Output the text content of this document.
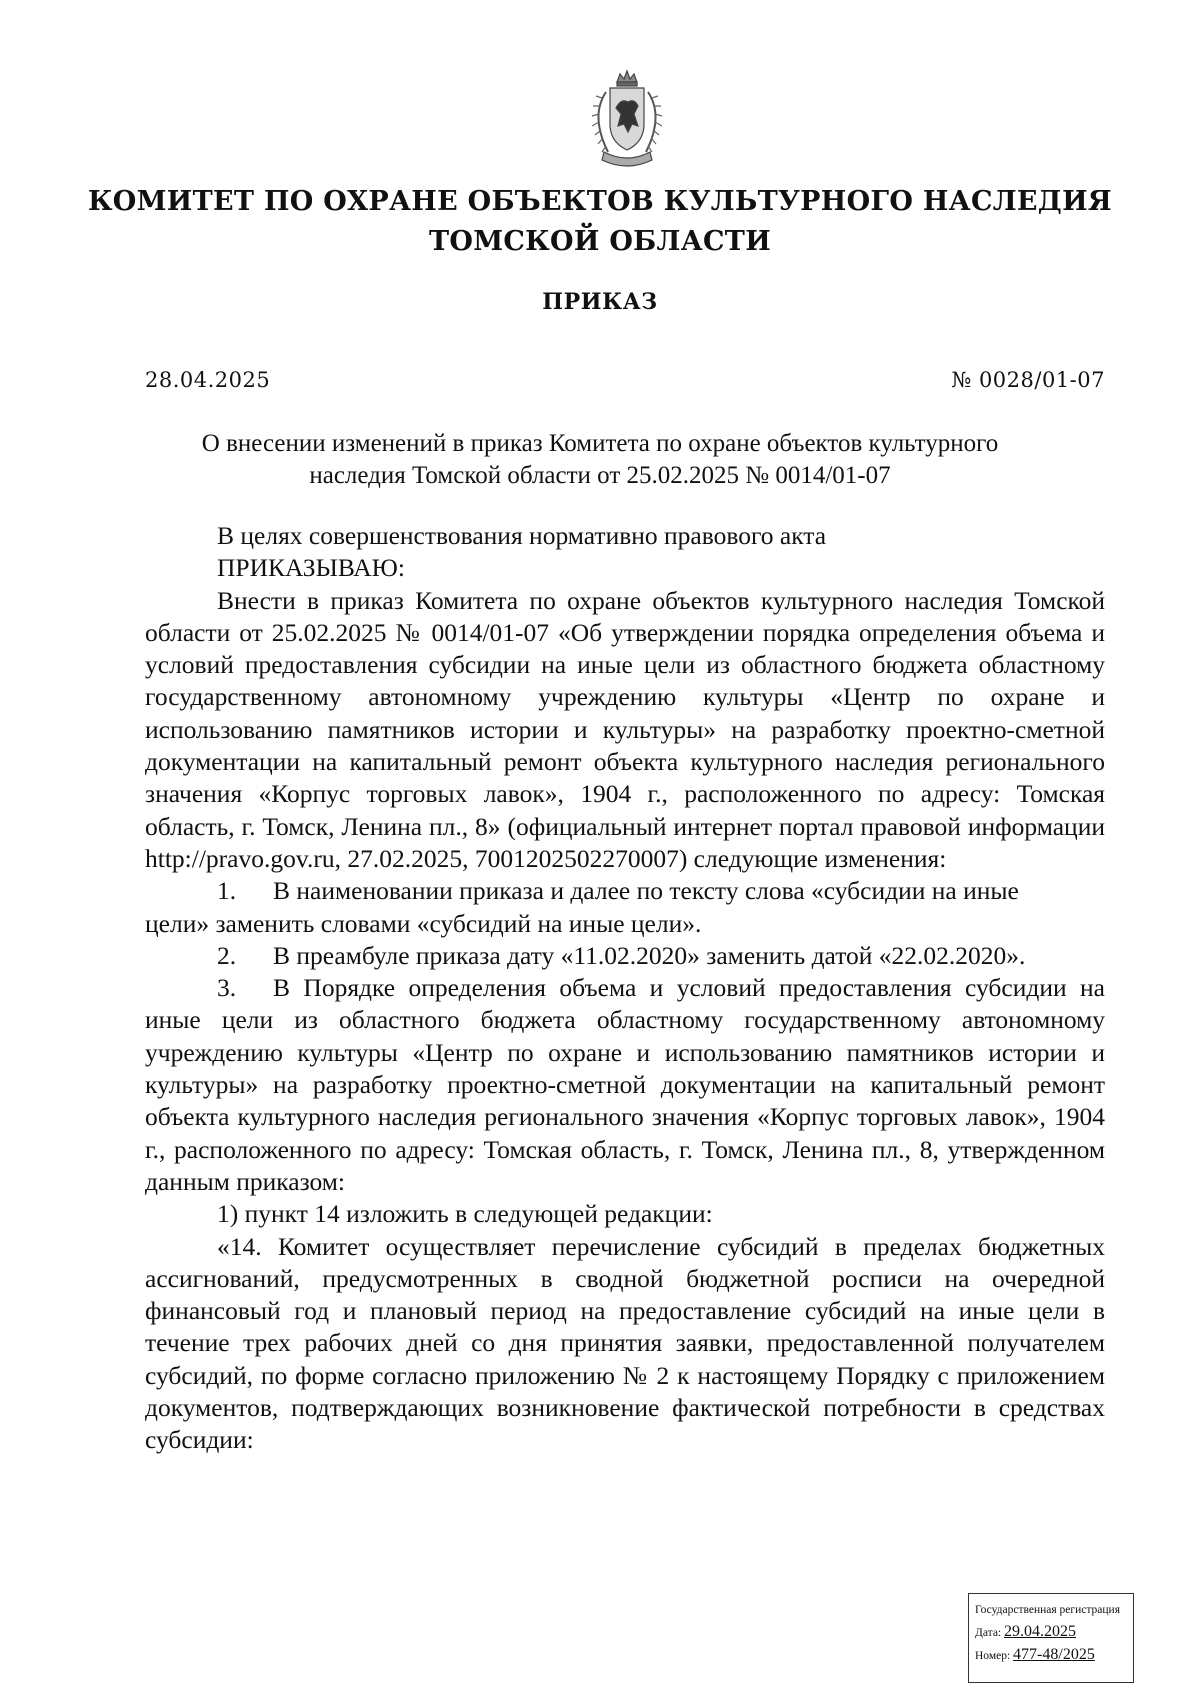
КОМИТЕТ ПО ОХРАНЕ ОБЪЕКТОВ КУЛЬТУРНОГО НАСЛЕДИЯ
ТОМСКОЙ ОБЛАСТИ
ПРИКАЗ
28.04.2025	№ 0028/01-07
О внесении изменений в приказ Комитета по охране объектов культурного
наследия Томской области от 25.02.2025 № 0014/01-07

В целях совершенствования нормативно правового акта

ПРИКАЗЫВАЮ:

Внести в приказ Комитета по охране объектов культурного наследия Томской области от 25.02.2025 № 0014/01-07 «Об утверждении порядка определения объема и условий предоставления субсидии на иные цели из областного бюджета областному государственному автономному учреждению культуры «Центр по охране и использованию памятников истории и культуры» на разработку проектно-сметной документации на капитальный ремонт объекта культурного наследия регионального значения «Корпус торговых лавок», 1904 г., расположенного по адресу: Томская область, г. Томск, Ленина пл., 8» (официальный интернет портал правовой информации http://pravo.gov.ru, 27.02.2025, 7001202502270007) следующие изменения:

1. В наименовании приказа и далее по тексту слова «субсидии на иные

цели» заменить словами «субсидий на иные цели».

2. В преамбуле приказа дату «11.02.2020» заменить датой «22.02.2020».

3. В Порядке определения объема и условий предоставления субсидии на иные цели из областного бюджета областному государственному автономному учреждению культуры «Центр по охране и использованию памятников истории и культуры» на разработку проектно-сметной документации на капитальный ремонт объекта культурного наследия регионального значения «Корпус торговых лавок», 1904 г., расположенного по адресу: Томская область, г. Томск, Ленина пл., 8, утвержденном данным приказом:

1) пункт 14 изложить в следующей редакции:

«14. Комитет осуществляет перечисление субсидий в пределах бюджетных ассигнований, предусмотренных в сводной бюджетной росписи на очередной финансовый год и плановый период на предоставление субсидий на иные цели в течение трех рабочих дней со дня принятия заявки, предоставленной получателем субсидий, по форме согласно приложению № 2 к настоящему Порядку с приложением документов, подтверждающих возникновение фактической потребности в средствах субсидии:

Государственная регистрация
Дата: 29.04.2025
Номер: 477-48/2025
